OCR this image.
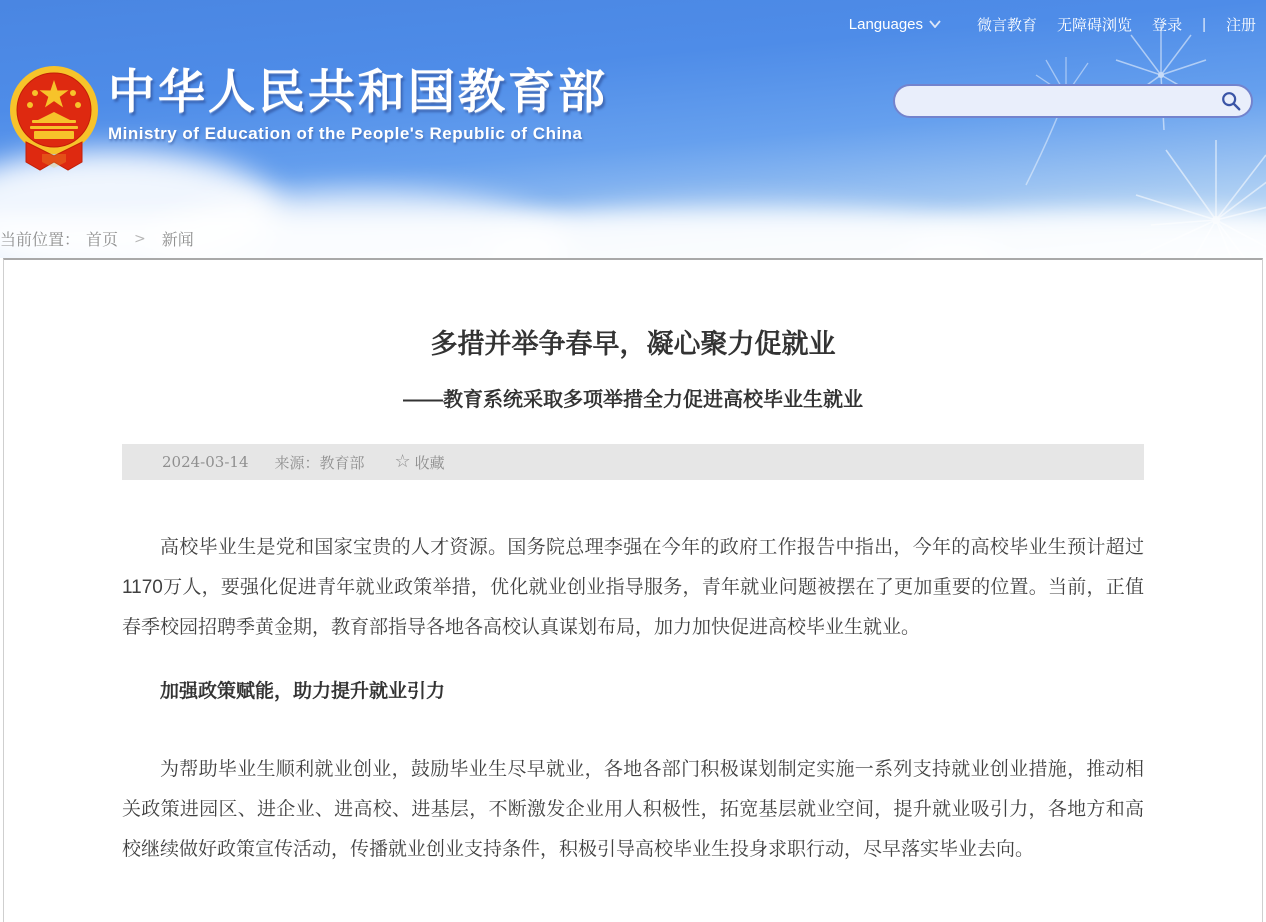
Languages	微言教育 无障碍浏览 登录 | 注册
中华人民共和国教育部
Ministry of Education of the People's Republic of China
当前位置： 首页 > 新闻
多措并举争春早，凝心聚力促就业
——教育系统采取多项举措全力促进高校毕业生就业
2024-03-14 来源：教育部 ☆ 收藏

高校毕业生是党和国家宝贵的人才资源。国务院总理李强在今年的政府工作报告中指出，今年的高校毕业生预计超过1170万人，要强化促进青年就业政策举措，优化就业创业指导服务，青年就业问题被摆在了更加重要的位置。当前，正值春季校园招聘季黄金期，教育部指导各地各高校认真谋划布局，加力加快促进高校毕业生就业。

加强政策赋能，助力提升就业引力

为帮助毕业生顺利就业创业，鼓励毕业生尽早就业，各地各部门积极谋划制定实施一系列支持就业创业措施，推动相关政策进园区、进企业、进高校、进基层，不断激发企业用人积极性，拓宽基层就业空间，提升就业吸引力，各地方和高校继续做好政策宣传活动，传播就业创业支持条件，积极引导高校毕业生投身求职行动，尽早落实毕业去向。
